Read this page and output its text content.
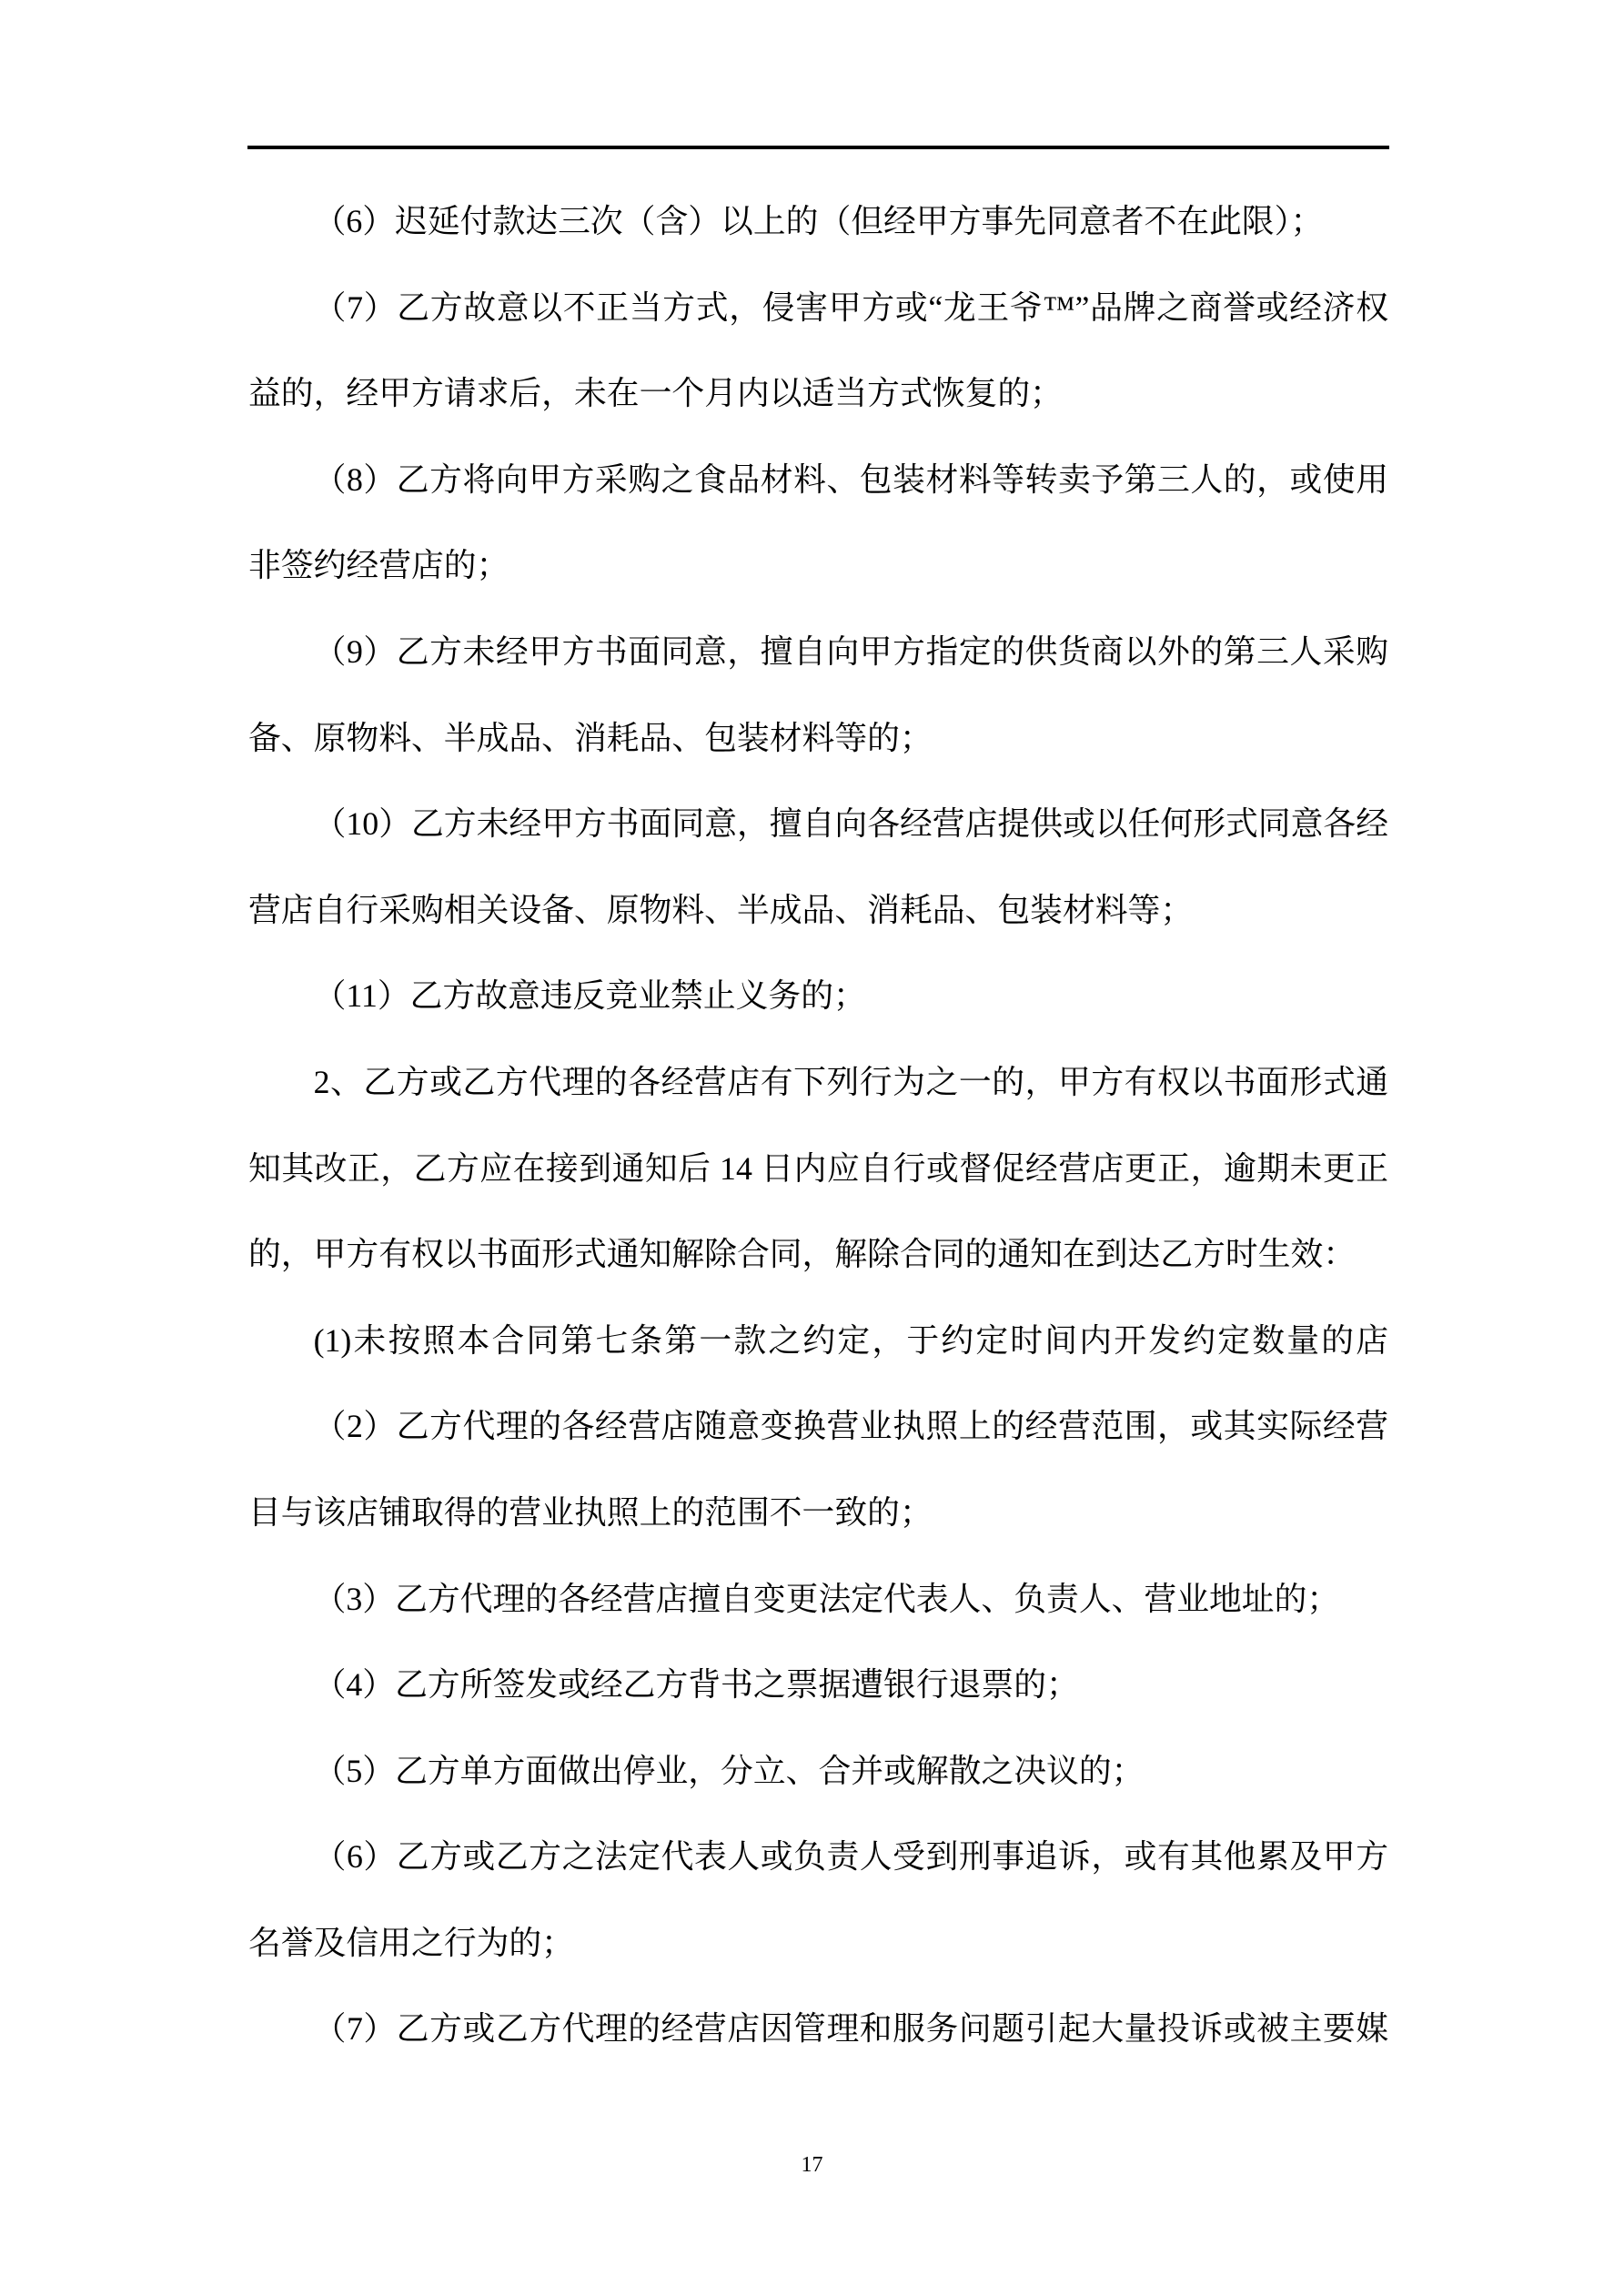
（6）迟延付款达三次（含）以上的（但经甲方事先同意者不在此限）；
（7）乙方故意以不正当方式，侵害甲方或“龙王爷™”品牌之商誉或经济权
益的，经甲方请求后，未在一个月内以适当方式恢复的；
（8）乙方将向甲方采购之食品材料、包装材料等转卖予第三人的，或使用
非签约经营店的；
（9）乙方未经甲方书面同意，擅自向甲方指定的供货商以外的第三人采购
备、原物料、半成品、消耗品、包装材料等的；
（10）乙方未经甲方书面同意，擅自向各经营店提供或以任何形式同意各经
营店自行采购相关设备、原物料、半成品、消耗品、包装材料等；
（11）乙方故意违反竞业禁止义务的；
2、乙方或乙方代理的各经营店有下列行为之一的，甲方有权以书面形式通
知其改正，乙方应在接到通知后 14 日内应自行或督促经营店更正，逾期未更正
的，甲方有权以书面形式通知解除合同，解除合同的通知在到达乙方时生效：
(1)未按照本合同第七条第一款之约定，于约定时间内开发约定数量的店
（2）乙方代理的各经营店随意变换营业执照上的经营范围，或其实际经营
目与该店铺取得的营业执照上的范围不一致的；
（3）乙方代理的各经营店擅自变更法定代表人、负责人、营业地址的；
（4）乙方所签发或经乙方背书之票据遭银行退票的；
（5）乙方单方面做出停业，分立、合并或解散之决议的；
（6）乙方或乙方之法定代表人或负责人受到刑事追诉，或有其他累及甲方
名誉及信用之行为的；
（7）乙方或乙方代理的经营店因管理和服务问题引起大量投诉或被主要媒
17
